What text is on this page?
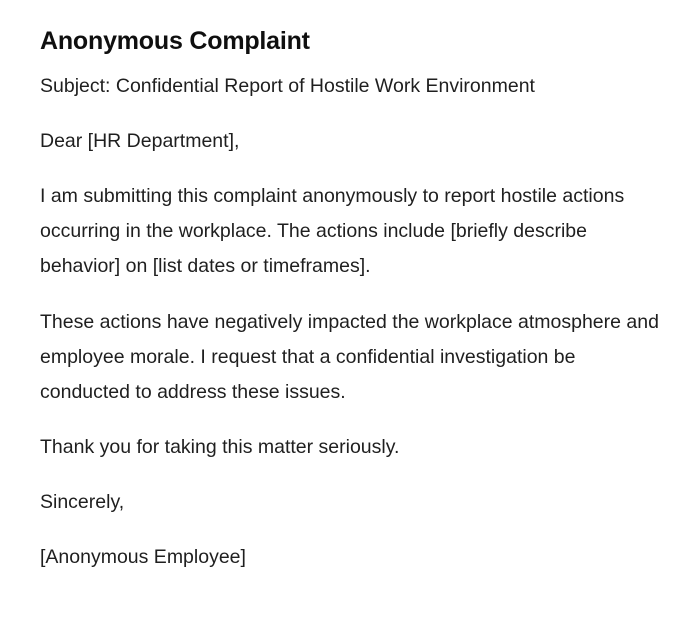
Anonymous Complaint

Subject: Confidential Report of Hostile Work Environment

Dear [HR Department],

I am submitting this complaint anonymously to report hostile actions occurring in the workplace. The actions include [briefly describe behavior] on [list dates or timeframes].

These actions have negatively impacted the workplace atmosphere and employee morale. I request that a confidential investigation be conducted to address these issues.

Thank you for taking this matter seriously.

Sincerely,

[Anonymous Employee]
